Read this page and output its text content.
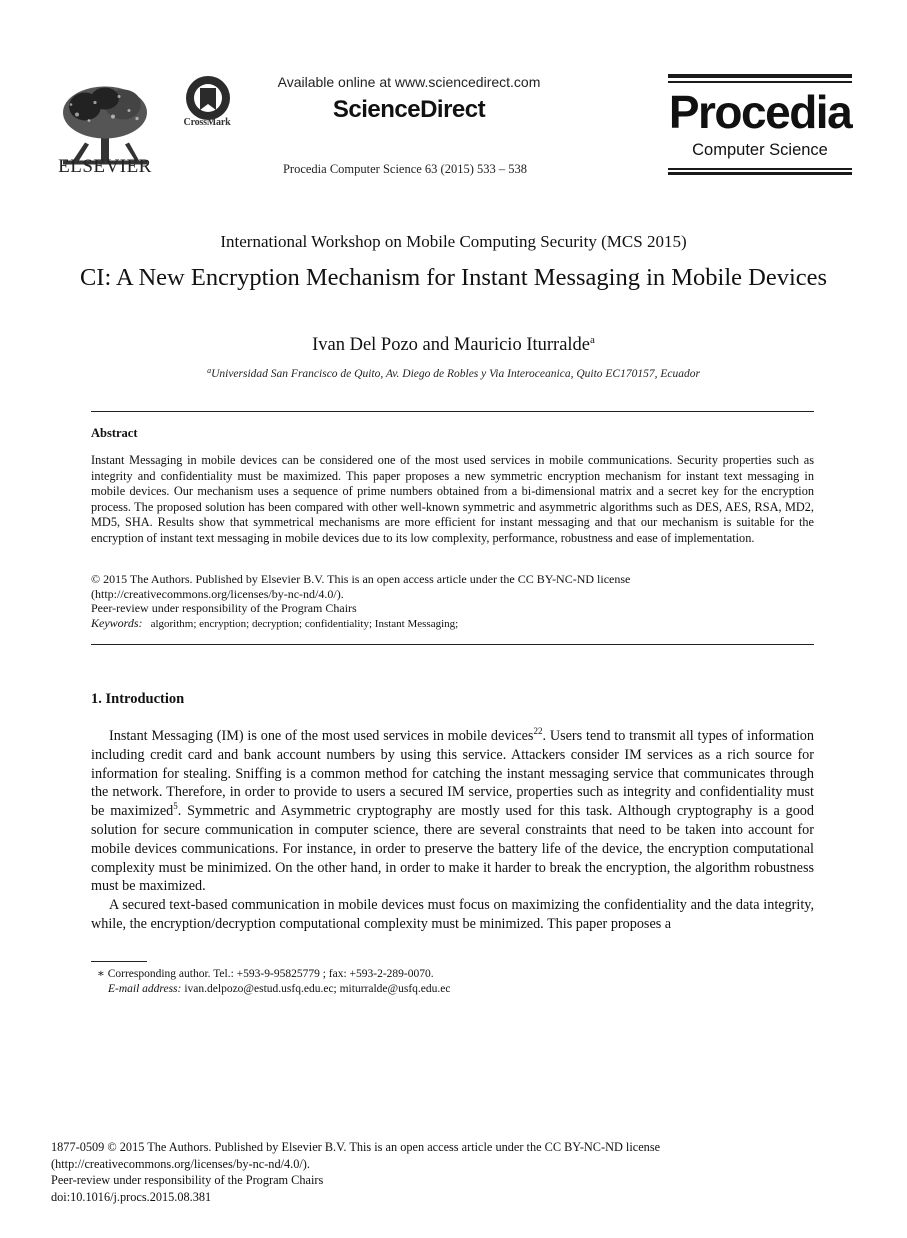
ELSEVIER
CrossMark
Available online at www.sciencedirect.com
ScienceDirect
Procedia Computer Science 63 (2015) 533 – 538
Procedia
Computer Science
International Workshop on Mobile Computing Security (MCS 2015)
CI: A New Encryption Mechanism for Instant Messaging in Mobile Devices
Ivan Del Pozo and Mauricio Iturralde$^a$
$^a$Universidad San Francisco de Quito, Av. Diego de Robles y Via Interoceanica, Quito EC170157, Ecuador
Abstract
Instant Messaging in mobile devices can be considered one of the most used services in mobile communications. Security properties such as integrity and confidentiality must be maximized. This paper proposes a new symmetric encryption mechanism for instant text messaging in mobile devices. Our mechanism uses a sequence of prime numbers obtained from a bi-dimensional matrix and a secret key for the encryption process. The proposed solution has been compared with other well-known symmetric and asymmetric algorithms such as DES, AES, RSA, MD2, MD5, SHA. Results show that symmetrical mechanisms are more efficient for instant messaging and that our mechanism is suitable for the encryption of instant text messaging in mobile devices due to its low complexity, performance, robustness and ease of implementation.
© 2015 The Authors. Published by Elsevier B.V. This is an open access article under the CC BY-NC-ND license
(http://creativecommons.org/licenses/by-nc-nd/4.0/).
Peer-review under responsibility of the Program Chairs
Keywords: algorithm; encryption; decryption; confidentiality; Instant Messaging;
1. Introduction

Instant Messaging (IM) is one of the most used services in mobile devices$^{22}$. Users tend to transmit all types of information including credit card and bank account numbers by using this service. Attackers consider IM services as a rich source for information for stealing. Sniffing is a common method for catching the instant messaging service that communicates through the network. Therefore, in order to provide to users a secured IM service, properties such as integrity and confidentiality must be maximized$^5$. Symmetric and Asymmetric cryptography are mostly used for this task. Although cryptography is a good solution for secure communication in computer science, there are several constraints that need to be taken into account for mobile devices communications. For instance, in order to preserve the battery life of the device, the encryption computational complexity must be minimized. On the other hand, in order to make it harder to break the encryption, the algorithm robustness must be maximized.

A secured text-based communication in mobile devices must focus on maximizing the confidentiality and the data integrity, while, the encryption/decryption computational complexity must be minimized. This paper proposes a

∗ Corresponding author. Tel.: +593-9-95825779 ; fax: +593-2-289-0070.
E-mail address: ivan.delpozo@estud.usfq.edu.ec; miturralde@usfq.edu.ec
1877-0509 © 2015 The Authors. Published by Elsevier B.V. This is an open access article under the CC BY-NC-ND license
(http://creativecommons.org/licenses/by-nc-nd/4.0/).
Peer-review under responsibility of the Program Chairs
doi:10.1016/j.procs.2015.08.381
